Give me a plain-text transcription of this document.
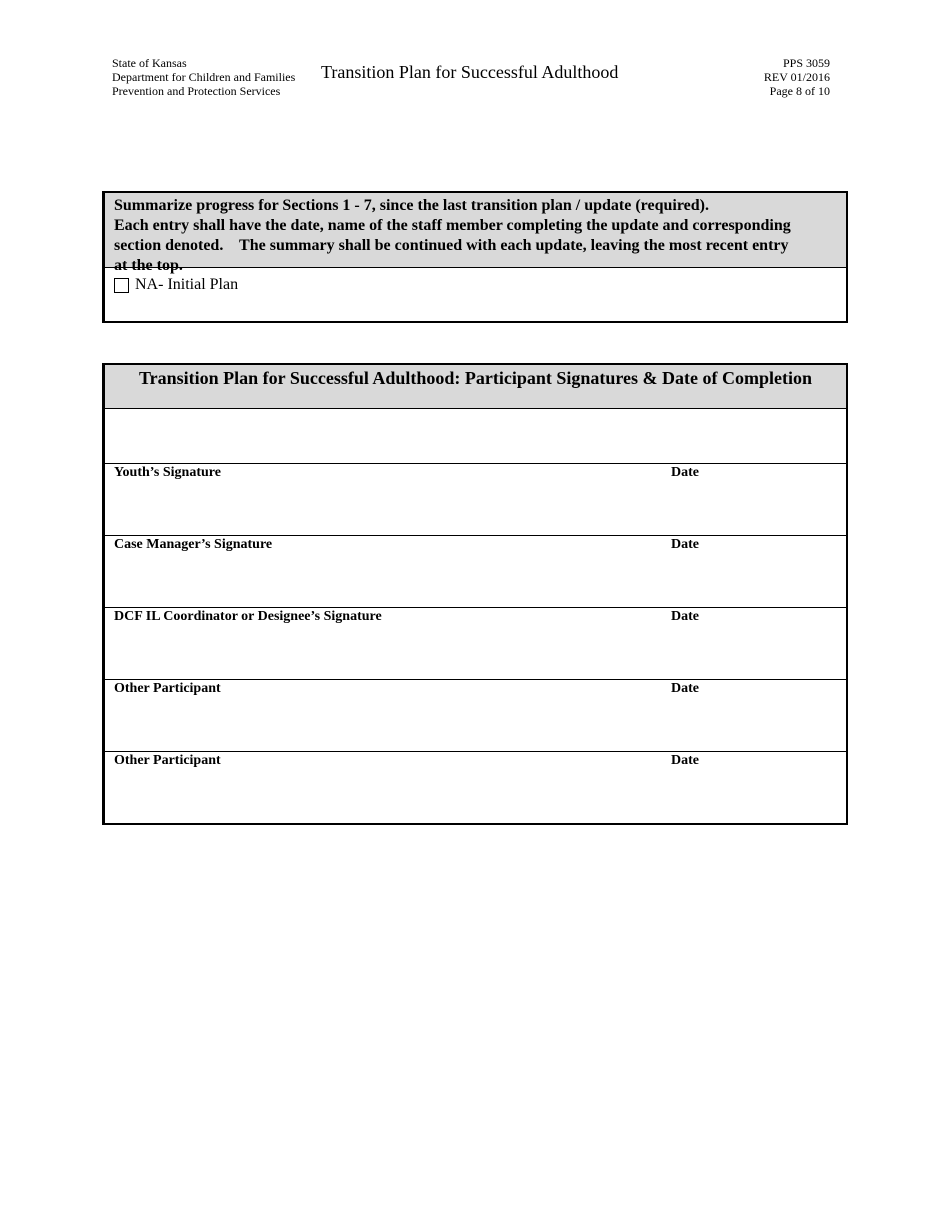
State of Kansas
Department for Children and Families
Prevention and Protection Services
Transition Plan for Successful Adulthood	PPS 3059
REV 01/2016
Page 8 of 10
Summarize progress for Sections 1 - 7, since the last transition plan / update (required).
Each entry shall have the date, name of the staff member completing the update and corresponding
section denoted.    The summary shall be continued with each update, leaving the most recent entry
at the top.
NA- Initial Plan
Transition Plan for Successful Adulthood: Participant Signatures & Date of Completion
Youth’s Signature	Date
Case Manager’s Signature	Date
DCF IL Coordinator or Designee’s Signature	Date
Other Participant	Date
Other Participant	Date
